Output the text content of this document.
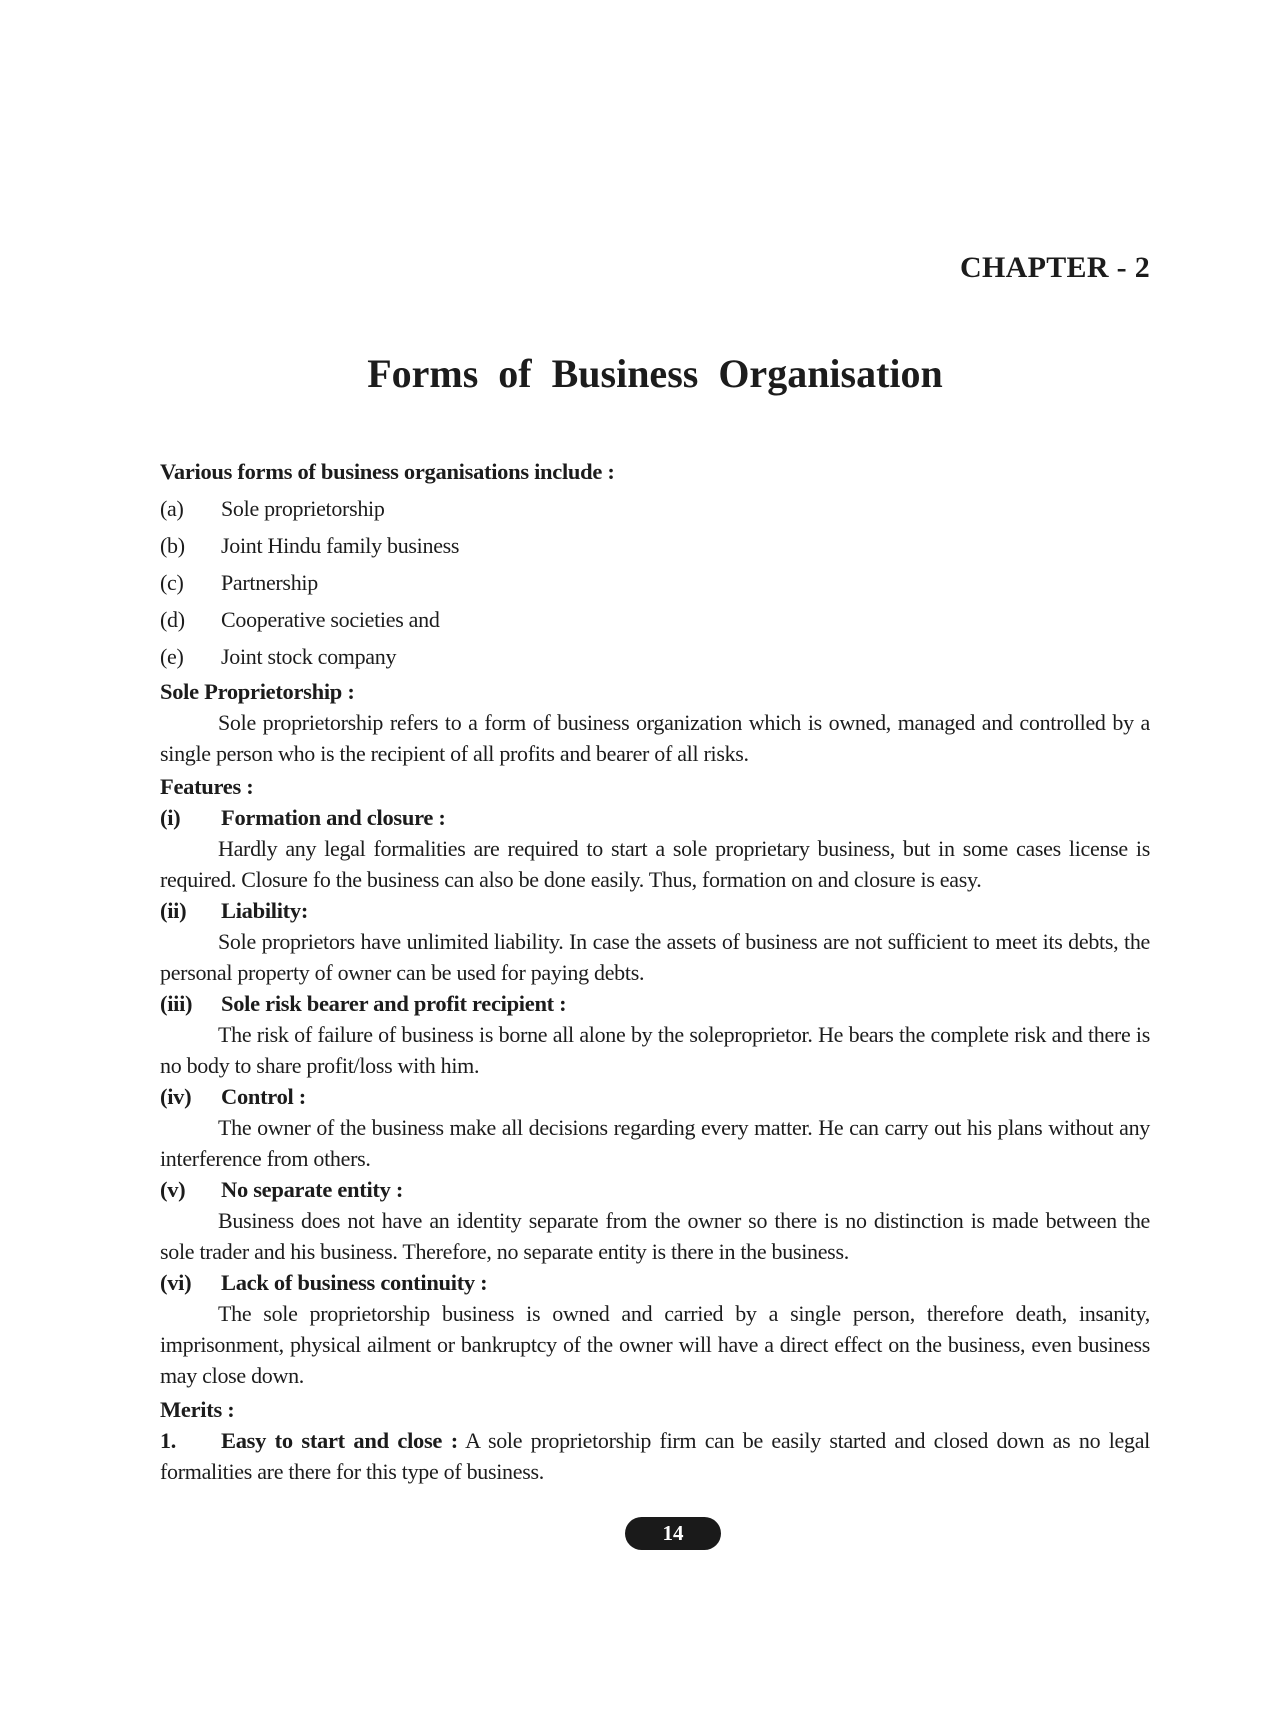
CHAPTER - 2
Forms of Business Organisation

Various forms of business organisations include :

(a) Sole proprietorship
(b) Joint Hindu family business
(c) Partnership
(d) Cooperative societies and
(e) Joint stock company

Sole Proprietorship :

Sole proprietorship refers to a form of business organization which is owned, managed and controlled by a single person who is the recipient of all profits and bearer of all risks.

Features :

(i) Formation and closure :

Hardly any legal formalities are required to start a sole proprietary business, but in some cases license is required. Closure fo the business can also be done easily. Thus, formation on and closure is easy.

(ii) Liability:

Sole proprietors have unlimited liability. In case the assets of business are not sufficient to meet its debts, the personal property of owner can be used for paying debts.

(iii) Sole risk bearer and profit recipient :

The risk of failure of business is borne all alone by the soleproprietor. He bears the complete risk and there is no body to share profit/loss with him.

(iv) Control :

The owner of the business make all decisions regarding every matter. He can carry out his plans without any interference from others.

(v) No separate entity :

Business does not have an identity separate from the owner so there is no distinction is made between the sole trader and his business. Therefore, no separate entity is there in the business.

(vi) Lack of business continuity :

The sole proprietorship business is owned and carried by a single person, therefore death, insanity, imprisonment, physical ailment or bankruptcy of the owner will have a direct effect on the business, even business may close down.

Merits :

1. Easy to start and close : A sole proprietorship firm can be easily started and closed down as no legal formalities are there for this type of business.

14
